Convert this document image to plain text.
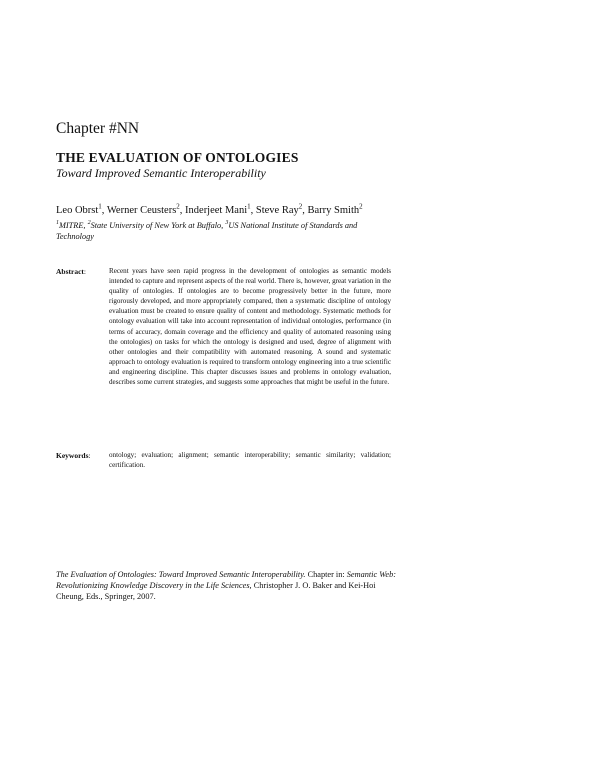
Chapter #NN
THE EVALUATION OF ONTOLOGIES
Toward Improved Semantic Interoperability
Leo Obrst$^1$, Werner Ceusters$^2$, Inderjeet Mani$^1$, Steve Ray$^2$, Barry Smith$^2$
$^1$MITRE, $^2$State University of New York at Buffalo, $^3$US National Institute of Standards and Technology
Abstract:	Recent years have seen rapid progress in the development of ontologies as semantic models intended to capture and represent aspects of the real world. There is, however, great variation in the quality of ontologies. If ontologies are to become progressively better in the future, more rigorously developed, and more appropriately compared, then a systematic discipline of ontology evaluation must be created to ensure quality of content and methodology. Systematic methods for ontology evaluation will take into account representation of individual ontologies, performance (in terms of accuracy, domain coverage and the efficiency and quality of automated reasoning using the ontologies) on tasks for which the ontology is designed and used, degree of alignment with other ontologies and their compatibility with automated reasoning. A sound and systematic approach to ontology evaluation is required to transform ontology engineering into a true scientific and engineering discipline. This chapter discusses issues and problems in ontology evaluation, describes some current strategies, and suggests some approaches that might be useful in the future.
Keywords:	ontology; evaluation; alignment; semantic interoperability; semantic similarity; validation; certification.
The Evaluation of Ontologies: Toward Improved Semantic Interoperability. Chapter in: Semantic Web: Revolutionizing Knowledge Discovery in the Life Sciences, Christopher J. O. Baker and Kei-Hoi Cheung, Eds., Springer, 2007.
